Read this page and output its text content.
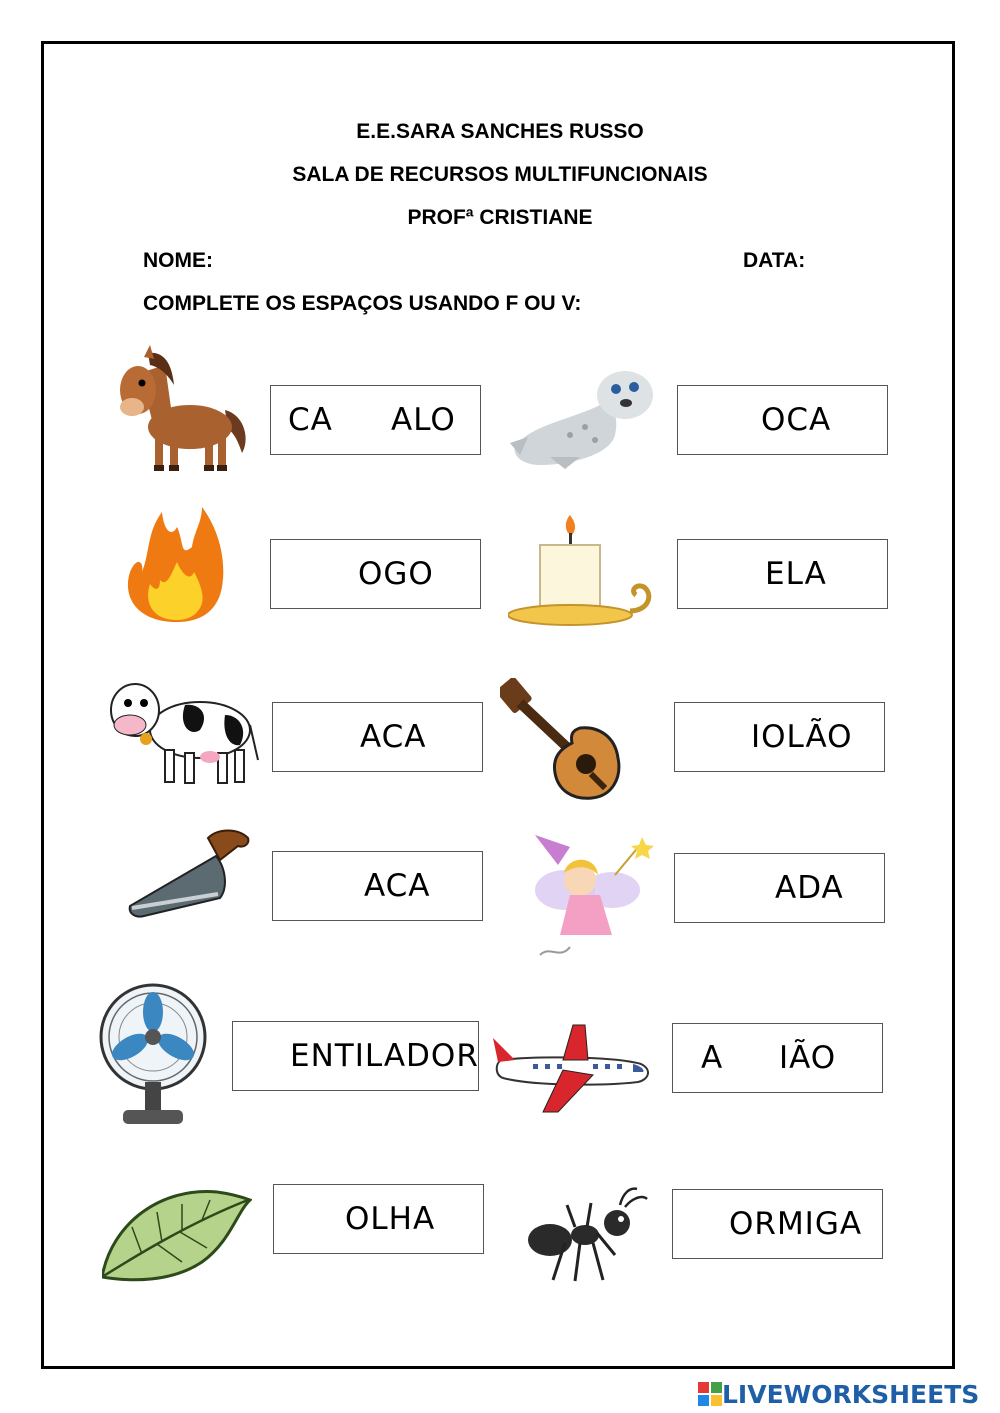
E.E.SARA SANCHES RUSSO
SALA DE RECURSOS MULTIFUNCIONAIS
PROFª CRISTIANE
NOME:	DATA:
COMPLETE OS ESPAÇOS USANDO F OU V:
CA ALO	OCA
OGO	ELA
ACA	IOLÃO
ACA	ADA
ENTILADOR	A IÃO
OLHA	ORMIGA
LIVEWORKSHEETS
